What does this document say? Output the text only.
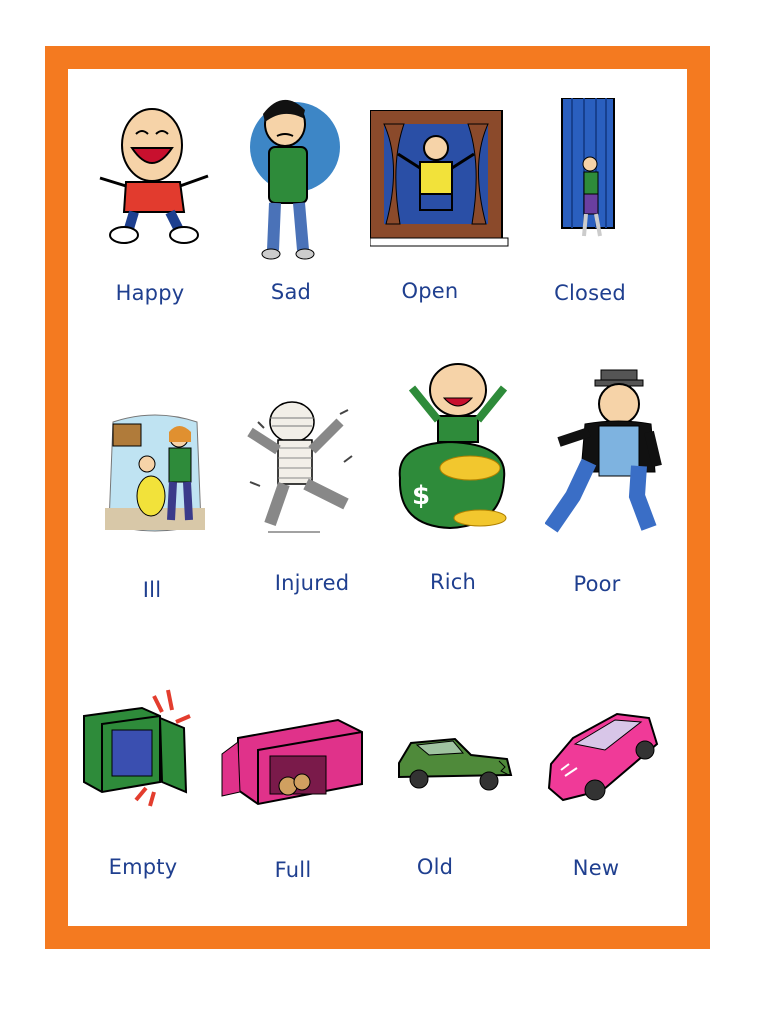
Happy	Sad	Open	Closed
$
Ill	Injured	Rich	Poor
Empty	Full	Old	New
